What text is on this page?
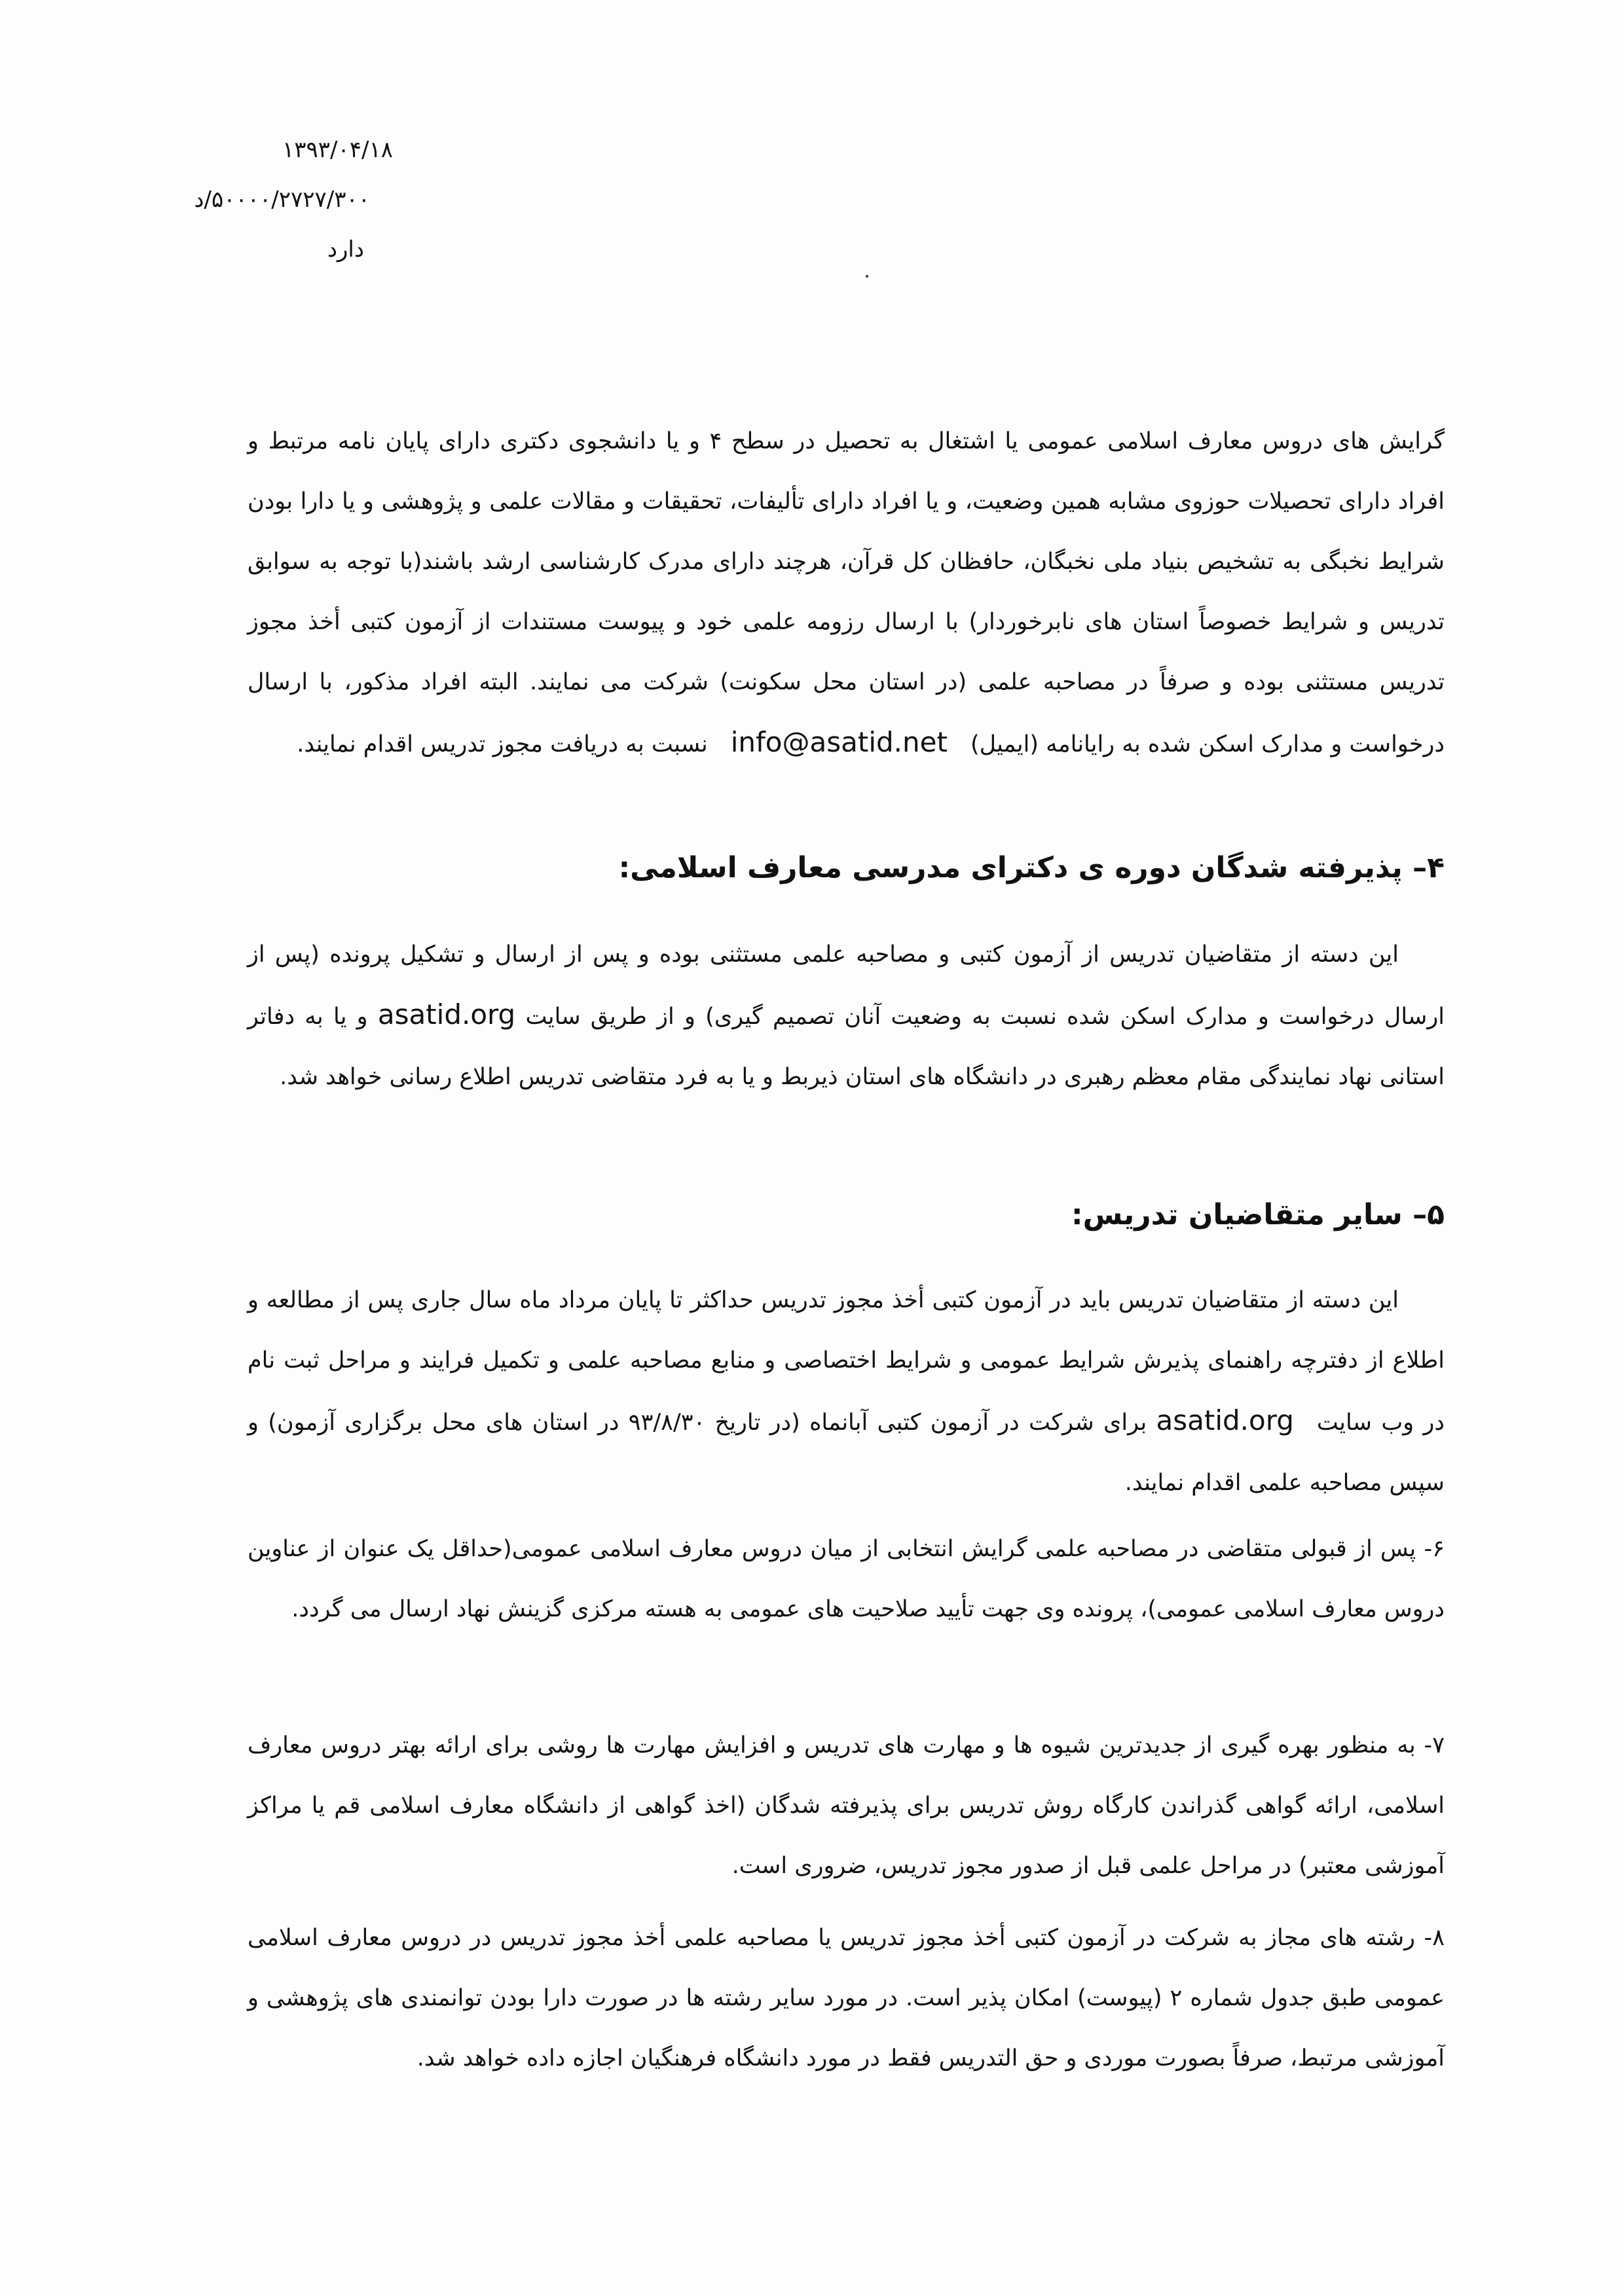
۱۳۹۳/۰۴/۱۸
۵۰۰۰۰/۲۷۲۷/۳۰۰/د
دارد

گرایش های دروس معارف اسلامی عمومی یا اشتغال به تحصیل در سطح ۴ و یا دانشجوی دکتری دارای پایان نامه مرتبط و افراد دارای تحصیلات حوزوی مشابه همین وضعیت، و یا افراد دارای تألیفات، تحقیقات و مقالات علمی و پژوهشی و یا دارا بودن شرایط نخبگی به تشخیص بنیاد ملی نخبگان، حافظان کل قرآن، هرچند دارای مدرک کارشناسی ارشد باشند(با توجه به سوابق تدریس و شرایط خصوصاً استان های نابرخوردار) با ارسال رزومه علمی خود و پیوست مستندات از آزمون کتبی أخذ مجوز تدریس مستثنی بوده و صرفاً در مصاحبه علمی (در استان محل سکونت) شرکت می نمایند. البته افراد مذکور، با ارسال درخواست و مدارک اسکن شده به رایانامه (ایمیل) info@asatid.net نسبت به دریافت مجوز تدریس اقدام نمایند.

۴– پذیرفته شدگان دوره ی دکترای مدرسی معارف اسلامی:

این دسته از متقاضیان تدریس از آزمون کتبی و مصاحبه علمی مستثنی بوده و پس از ارسال و تشکیل پرونده (پس از ارسال درخواست و مدارک اسکن شده نسبت به وضعیت آنان تصمیم گیری) و از طریق سایت asatid.org و یا به دفاتر استانی نهاد نمایندگی مقام معظم رهبری در دانشگاه های استان ذیربط و یا به فرد متقاضی تدریس اطلاع رسانی خواهد شد.

۵– سایر متقاضیان تدریس:

این دسته از متقاضیان تدریس باید در آزمون کتبی أخذ مجوز تدریس حداکثر تا پایان مرداد ماه سال جاری پس از مطالعه و اطلاع از دفترچه راهنمای پذیرش شرایط عمومی و شرایط اختصاصی و منابع مصاحبه علمی و تکمیل فرایند و مراحل ثبت نام در وب سایت asatid.org برای شرکت در آزمون کتبی آبانماه (در تاریخ ۹۳/۸/۳۰ در استان های محل برگزاری آزمون) و سپس مصاحبه علمی اقدام نمایند.

۶- پس از قبولی متقاضی در مصاحبه علمی گرایش انتخابی از میان دروس معارف اسلامی عمومی(حداقل یک عنوان از عناوین دروس معارف اسلامی عمومی)، پرونده وی جهت تأیید صلاحیت های عمومی به هسته مرکزی گزینش نهاد ارسال می گردد.

۷- به منظور بهره گیری از جدیدترین شیوه ها و مهارت های تدریس و افزایش مهارت ها روشی برای ارائه بهتر دروس معارف اسلامی، ارائه گواهی گذراندن کارگاه روش تدریس برای پذیرفته شدگان (اخذ گواهی از دانشگاه معارف اسلامی قم یا مراکز آموزشی معتبر) در مراحل علمی قبل از صدور مجوز تدریس، ضروری است.

۸- رشته های مجاز به شرکت در آزمون کتبی أخذ مجوز تدریس یا مصاحبه علمی أخذ مجوز تدریس در دروس معارف اسلامی عمومی طبق جدول شماره ۲ (پیوست) امکان پذیر است. در مورد سایر رشته ها در صورت دارا بودن توانمندی های پژوهشی و آموزشی مرتبط، صرفاً بصورت موردی و حق التدریس فقط در مورد دانشگاه فرهنگیان اجازه داده خواهد شد.
